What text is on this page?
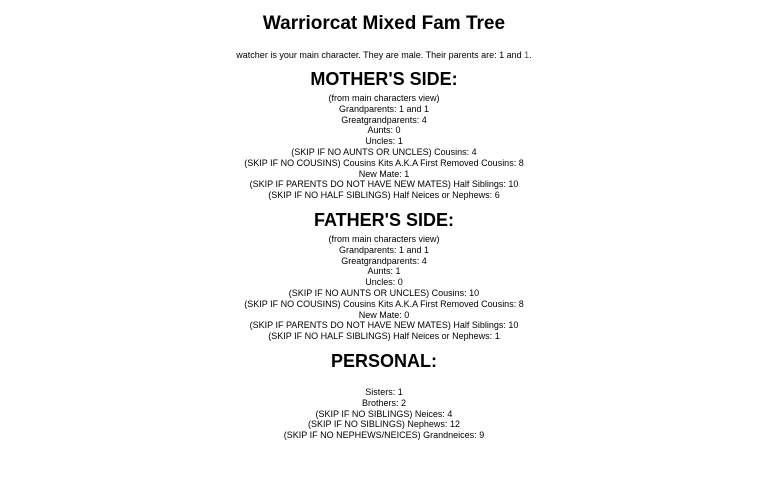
Warriorcat Mixed Fam Tree
watcher is your main character. They are male. Their parents are: 1 and 1.
MOTHER'S SIDE:
(from main characters view)
Grandparents: 1 and 1
Greatgrandparents: 4
Aunts: 0
Uncles: 1
(SKIP IF NO AUNTS OR UNCLES) Cousins: 4
(SKIP IF NO COUSINS) Cousins Kits A.K.A First Removed Cousins: 8
New Mate: 1
(SKIP IF PARENTS DO NOT HAVE NEW MATES) Half Siblings: 10
(SKIP IF NO HALF SIBLINGS) Half Neices or Nephews: 6
FATHER'S SIDE:
(from main characters view)
Grandparents: 1 and 1
Greatgrandparents: 4
Aunts: 1
Uncles: 0
(SKIP IF NO AUNTS OR UNCLES) Cousins: 10
(SKIP IF NO COUSINS) Cousins Kits A.K.A First Removed Cousins: 8
New Mate: 0
(SKIP IF PARENTS DO NOT HAVE NEW MATES) Half Siblings: 10
(SKIP IF NO HALF SIBLINGS) Half Neices or Nephews: 1
PERSONAL:
Sisters: 1
Brothers: 2
(SKIP IF NO SIBLINGS) Neices: 4
(SKIP IF NO SIBLINGS) Nephews: 12
(SKIP IF NO NEPHEWS/NEICES) Grandneices: 9
